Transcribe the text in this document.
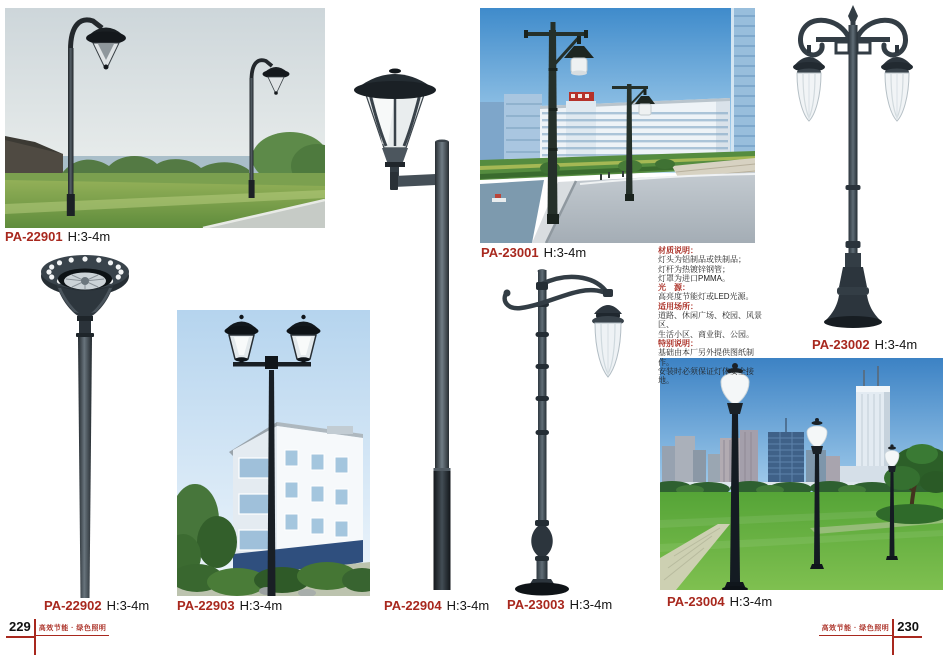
PA-22901 H:3-4m
PA-22902 H:3-4m PA-22903 H:3-4m	PA-22904 H:3-4m
PA-23001 H:3-4m
PA-23002 H:3-4m
PA-23003 H:3-4m	PA-23004 H:3-4m
材质说明：
灯头为铝制品或铁制品；
灯杆为热镀锌钢管；
灯罩为进口PMMA。
光　源：
高亮度节能灯或LED光源。
适用场所：
道路、休闲广场、校园、风景区、
生活小区、商业街、公园。
特别说明：
基础由本厂另外提供图纸制作。
安装时必须保证灯体安全接地。
229	高效节能 · 绿色照明	高效节能 · 绿色照明 230
